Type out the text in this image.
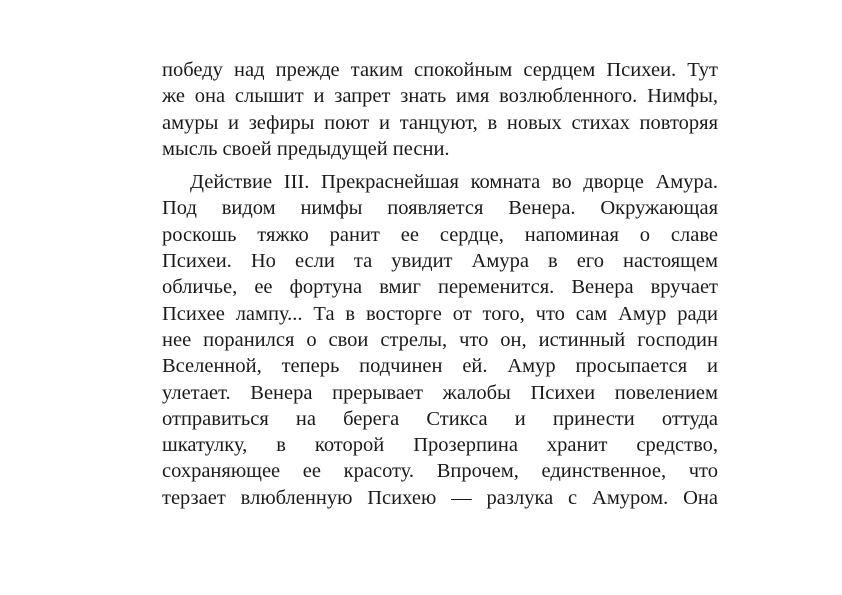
победу над прежде таким спокойным сердцем Психеи. Тут
же она слышит и запрет знать имя возлюбленного. Нимфы,
амуры и зефиры поют и танцуют, в новых стихах повторяя
мысль своей предыдущей песни.
Действие III. Прекраснейшая комната во дворце Амура.
Под видом нимфы появляется Венера. Окружающая
роскошь тяжко ранит ее сердце, напоминая о славе
Психеи. Но если та увидит Амура в его настоящем
обличье, ее фортуна вмиг переменится. Венера вручает
Психее лампу... Та в восторге от того, что сам Амур ради
нее поранился о свои стрелы, что он, истинный господин
Вселенной, теперь подчинен ей. Амур просыпается и
улетает. Венера прерывает жалобы Психеи повелением
отправиться на берега Стикса и принести оттуда
шкатулку, в которой Прозерпина хранит средство,
сохраняющее ее красоту. Впрочем, единственное, что
терзает влюбленную Психею — разлука с Амуром. Она
